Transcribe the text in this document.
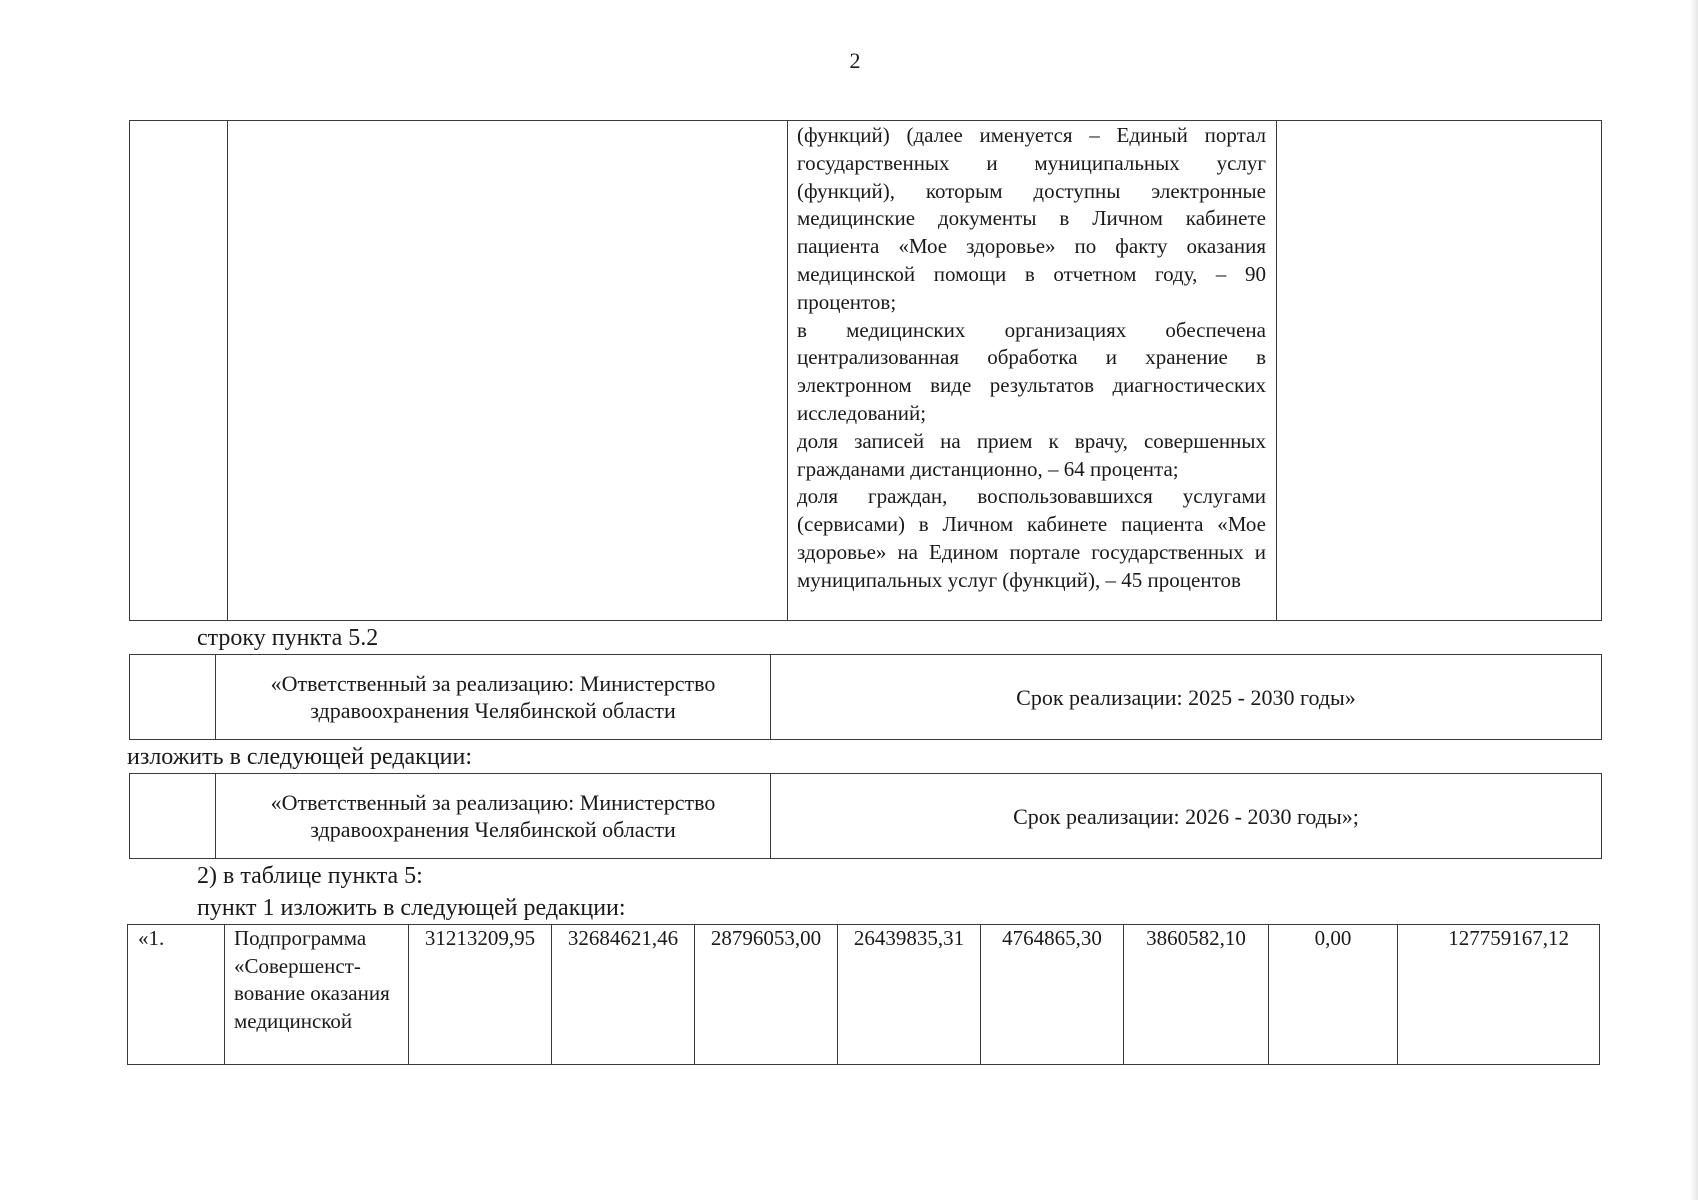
2

(функций) (далее именуется – Единый портал государственных и муниципальных услуг (функций), которым доступны электронные медицинские документы в Личном кабинете пациента «Мое здоровье» по факту оказания медицинской помощи в отчетном году, – 90 процентов;

в медицинских организациях обеспечена централизованная обработка и хранение в электронном виде результатов диагностических исследований;

доля записей на прием к врачу, совершенных гражданами дистанционно, – 64 процента;

доля граждан, воспользовавшихся услугами (сервисами) в Личном кабинете пациента «Мое здоровье» на Едином портале государственных и муниципальных услуг (функций), – 45 процентов

строку пункта 5.2
	«Ответственный за реализацию: Министерство здравоохранения Челябинской области	Срок реализации: 2025 - 2030 годы»
изложить в следующей редакции:
	«Ответственный за реализацию: Министерство здравоохранения Челябинской области	Срок реализации: 2026 - 2030 годы»;
2) в таблице пункта 5:
пункт 1 изложить в следующей редакции:
«1.	Подпрограмма «Совершенст-вование оказания медицинской	31213209,95	32684621,46	28796053,00	26439835,31	4764865,30	3860582,10	0,00	127759167,12
